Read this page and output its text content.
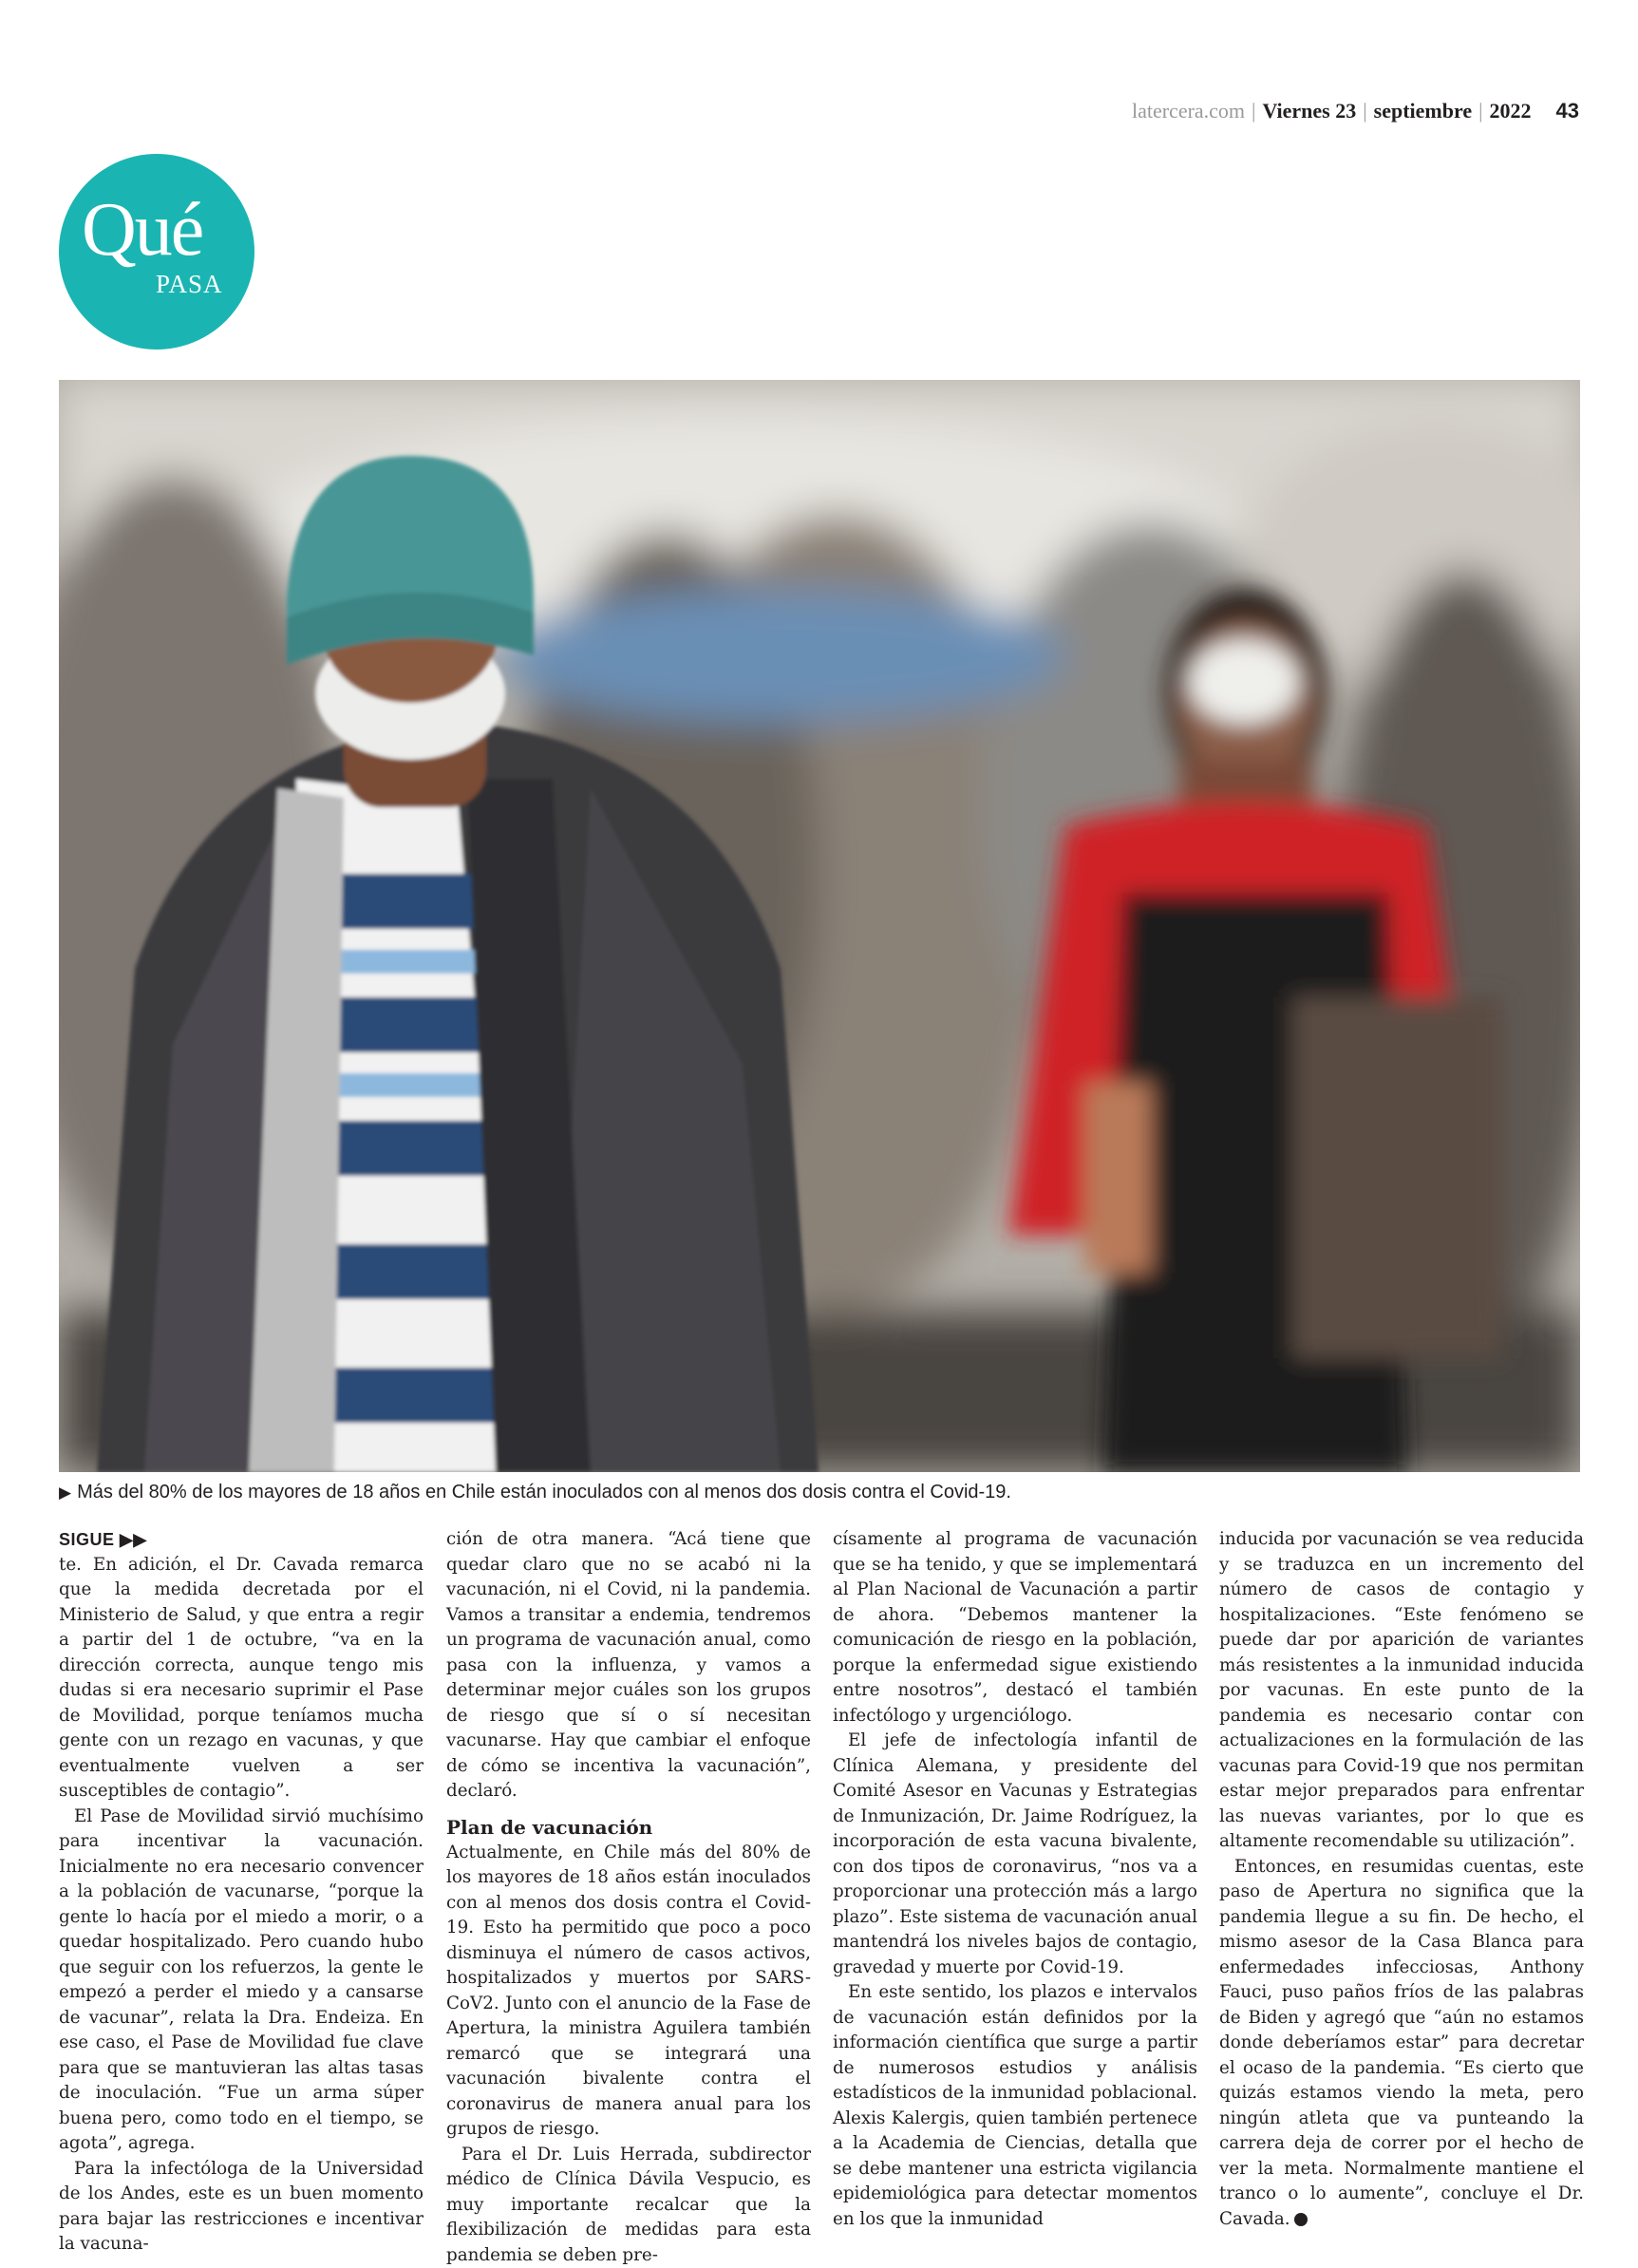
latercera.com | Viernes 23 | septiembre | 2022 43
Qué
PASA
▶ Más del 80% de los mayores de 18 años en Chile están inoculados con al menos dos dosis contra el Covid-19.
SIGUE ▶▶

te. En adición, el Dr. Cavada remarca que la medida decretada por el Ministerio de Salud, y que entra a regir a partir del 1 de octubre, “va en la dirección correcta, aunque tengo mis dudas si era necesario suprimir el Pase de Movilidad, porque teníamos mucha gente con un rezago en vacunas, y que eventualmente vuelven a ser susceptibles de contagio”.

El Pase de Movilidad sirvió muchísimo para incentivar la vacunación. Inicialmente no era necesario convencer a la población de vacunarse, “porque la gente lo hacía por el miedo a morir, o a quedar hospitalizado. Pero cuando hubo que seguir con los refuerzos, la gente le empezó a perder el miedo y a cansarse de vacunar”, relata la Dra. Endeiza. En ese caso, el Pase de Movilidad fue clave para que se mantuvieran las altas tasas de inoculación. “Fue un arma súper buena pero, como todo en el tiempo, se agota”, agrega.

Para la infectóloga de la Universidad de los Andes, este es un buen momento para bajar las restricciones e incentivar la vacuna-

ción de otra manera. “Acá tiene que quedar claro que no se acabó ni la vacunación, ni el Covid, ni la pandemia. Vamos a transitar a endemia, tendremos un programa de vacunación anual, como pasa con la influenza, y vamos a determinar mejor cuáles son los grupos de riesgo que sí o sí necesitan vacunarse. Hay que cambiar el enfoque de cómo se incentiva la vacunación”, declaró.

Plan de vacunación

Actualmente, en Chile más del 80% de los mayores de 18 años están inoculados con al menos dos dosis contra el Covid-19. Esto ha permitido que poco a poco disminuya el número de casos activos, hospitalizados y muertos por SARS-CoV2. Junto con el anuncio de la Fase de Apertura, la ministra Aguilera también remarcó que se integrará una vacunación bivalente contra el coronavirus de manera anual para los grupos de riesgo.

Para el Dr. Luis Herrada, subdirector médico de Clínica Dávila Vespucio, es muy importante recalcar que la flexibilización de medidas para esta pandemia se deben pre-

císamente al programa de vacunación que se ha tenido, y que se implementará al Plan Nacional de Vacunación a partir de ahora. “Debemos mantener la comunicación de riesgo en la población, porque la enfermedad sigue existiendo entre nosotros”, destacó el también infectólogo y urgenciólogo.

El jefe de infectología infantil de Clínica Alemana, y presidente del Comité Asesor en Vacunas y Estrategias de Inmunización, Dr. Jaime Rodríguez, la incorporación de esta vacuna bivalente, con dos tipos de coronavirus, “nos va a proporcionar una protección más a largo plazo”. Este sistema de vacunación anual mantendrá los niveles bajos de contagio, gravedad y muerte por Covid-19.

En este sentido, los plazos e intervalos de vacunación están definidos por la información científica que surge a partir de numerosos estudios y análisis estadísticos de la inmunidad poblacional. Alexis Kalergis, quien también pertenece a la Academia de Ciencias, detalla que se debe mantener una estricta vigilancia epidemiológica para detectar momentos en los que la inmunidad

inducida por vacunación se vea reducida y se traduzca en un incremento del número de casos de contagio y hospitalizaciones. “Este fenómeno se puede dar por aparición de variantes más resistentes a la inmunidad inducida por vacunas. En este punto de la pandemia es necesario contar con actualizaciones en la formulación de las vacunas para Covid-19 que nos permitan estar mejor preparados para enfrentar las nuevas variantes, por lo que es altamente recomendable su utilización”.

Entonces, en resumidas cuentas, este paso de Apertura no significa que la pandemia llegue a su fin. De hecho, el mismo asesor de la Casa Blanca para enfermedades infecciosas, Anthony Fauci, puso paños fríos de las palabras de Biden y agregó que “aún no estamos donde deberíamos estar” para decretar el ocaso de la pandemia. “Es cierto que quizás estamos viendo la meta, pero ningún atleta que va punteando la carrera deja de correr por el hecho de ver la meta. Normalmente mantiene el tranco o lo aumente”, concluye el Dr. Cavada.
